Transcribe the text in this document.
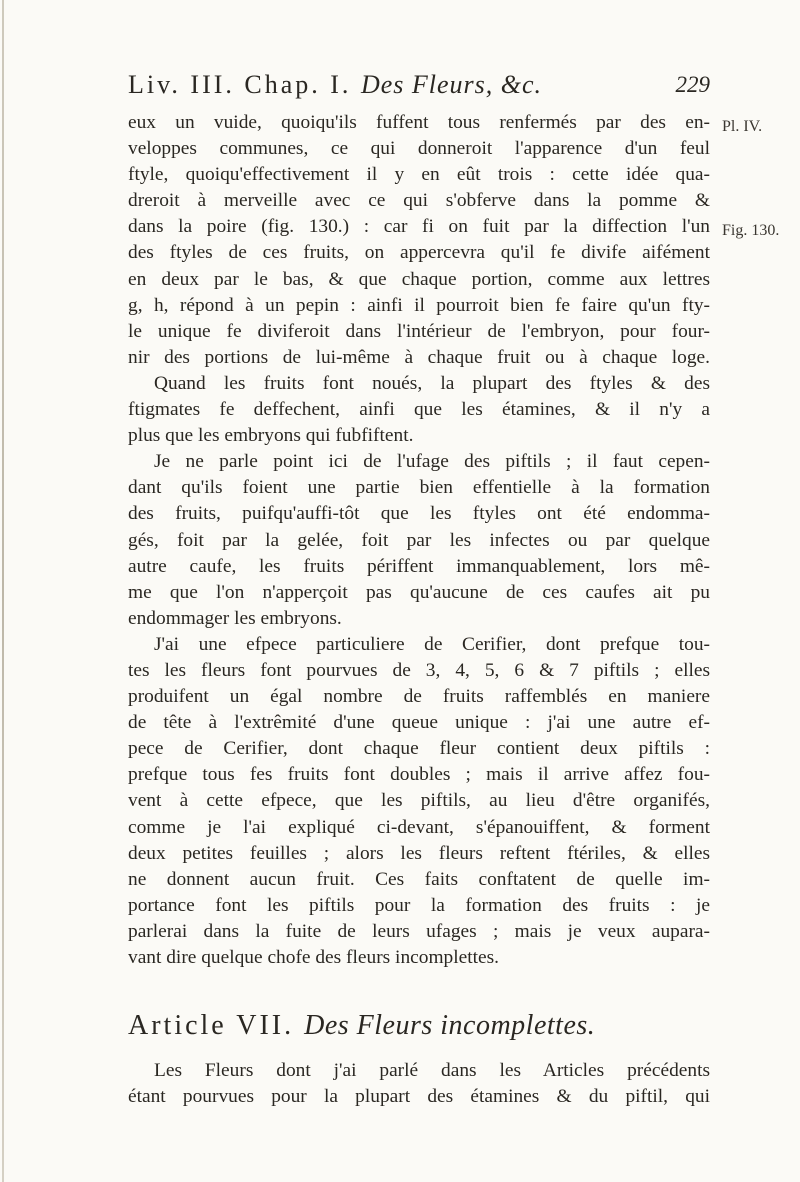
Liv. III. Chap. I. Des Fleurs, &c.	229
Pl. IV.
Fig. 130.
eux un vuide, quoiqu'ils fuffent tous renfermés par des en-
veloppes communes, ce qui donneroit l'apparence d'un feul
ftyle, quoiqu'effectivement il y en eût trois : cette idée qua-
dreroit à merveille avec ce qui s'obferve dans la pomme &
dans la poire (fig. 130.) : car fi on fuit par la diffection l'un
des ftyles de ces fruits, on appercevra qu'il fe divife aifément
en deux par le bas, & que chaque portion, comme aux lettres
g, h, répond à un pepin : ainfi il pourroit bien fe faire qu'un fty-
le unique fe diviferoit dans l'intérieur de l'embryon, pour four-
nir des portions de lui-même à chaque fruit ou à chaque loge.
Quand les fruits font noués, la plupart des ftyles & des
ftigmates fe deffechent, ainfi que les étamines, & il n'y a
plus que les embryons qui fubfiftent.
Je ne parle point ici de l'ufage des piftils ; il faut cepen-
dant qu'ils foient une partie bien effentielle à la formation
des fruits, puifqu'auffi-tôt que les ftyles ont été endomma-
gés, foit par la gelée, foit par les infectes ou par quelque
autre caufe, les fruits périffent immanquablement, lors mê-
me que l'on n'apperçoit pas qu'aucune de ces caufes ait pu
endommager les embryons.
J'ai une efpece particuliere de Cerifier, dont prefque tou-
tes les fleurs font pourvues de 3, 4, 5, 6 & 7 piftils ; elles
produifent un égal nombre de fruits raffemblés en maniere
de tête à l'extrêmité d'une queue unique : j'ai une autre ef-
pece de Cerifier, dont chaque fleur contient deux piftils :
prefque tous fes fruits font doubles ; mais il arrive affez fou-
vent à cette efpece, que les piftils, au lieu d'être organifés,
comme je l'ai expliqué ci-devant, s'épanouiffent, & forment
deux petites feuilles ; alors les fleurs reftent ftériles, & elles
ne donnent aucun fruit. Ces faits conftatent de quelle im-
portance font les piftils pour la formation des fruits : je
parlerai dans la fuite de leurs ufages ; mais je veux aupara-
vant dire quelque chofe des fleurs incomplettes.
Article VII. Des Fleurs incomplettes.
Les Fleurs dont j'ai parlé dans les Articles précédents
étant pourvues pour la plupart des étamines & du piftil, qui
